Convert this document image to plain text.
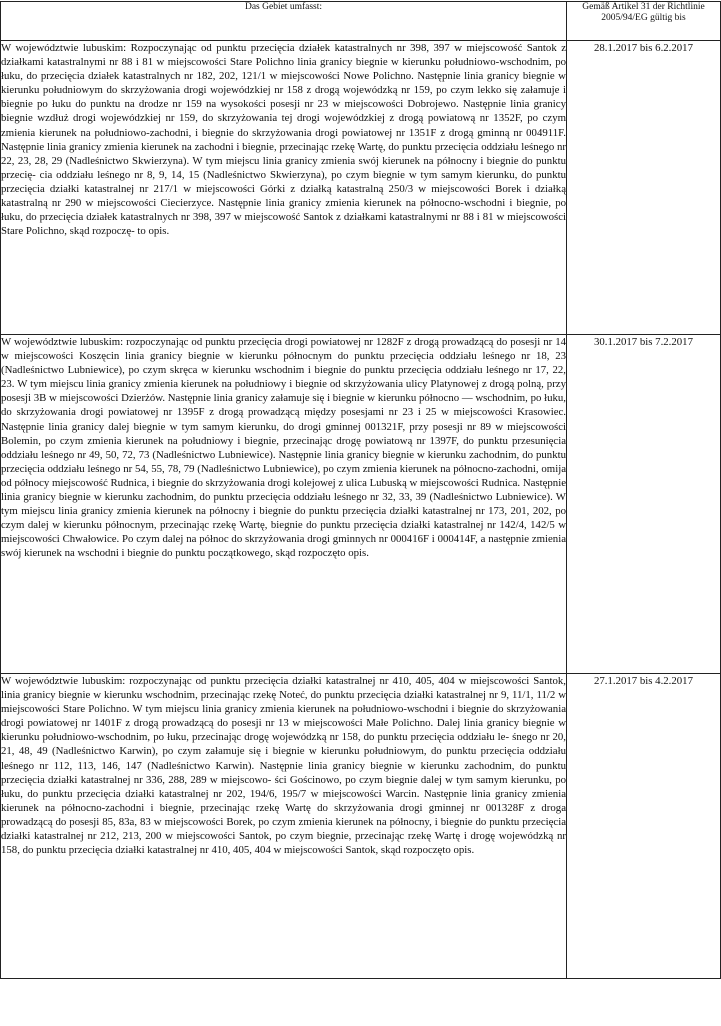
Das Gebiet umfasst:	Gemäß Artikel 31 der Richtlinie 2005/94/EG gültig bis

W województwie lubuskim: Rozpoczynając od punktu przecięcia działek katastralnych nr 398, 397 w miejscowość Santok z działkami katastralnymi nr 88 i 81 w miejscowości Stare Polichno linia granicy biegnie w kierunku południowo-wschodnim, po łuku, do przecięcia działek katastralnych nr 182, 202, 121/1 w miejscowości Nowe Polichno. Następnie linia granicy biegnie w kierunku południowym do skrzyżowania drogi wojewódzkiej nr 158 z drogą wojewódzką nr 159, po czym lekko się załamuje i biegnie po łuku do punktu na drodze nr 159 na wysokości posesji nr 23 w miejscowości Dobrojewo. Następnie linia granicy biegnie wzdłuż drogi wojewódzkiej nr 159, do skrzyżowania tej drogi wojewódzkiej z drogą powiatową nr 1352F, po czym zmienia kierunek na południowo-zachodni, i biegnie do skrzyżowania drogi powiatowej nr 1351F z drogą gminną nr 004911F. Następnie linia granicy zmienia kierunek na zachodni i biegnie, przecinając rzekę Wartę, do punktu przecięcia oddziału leśnego nr 22, 23, 28, 29 (Nadleśnictwo Skwierzyna). W tym miejscu linia granicy zmienia swój kierunek na północny i biegnie do punktu przecię- cia oddziału leśnego nr 8, 9, 14, 15 (Nadleśnictwo Skwierzyna), po czym biegnie w tym samym kierunku, do punktu przecięcia działki katastralnej nr 217/1 w miejscowości Górki z działką katastralną 250/3 w miejscowości Borek i działką katastralną nr 290 w miejscowości Ciecierzyce. Następnie linia granicy zmienia kierunek na północno-wschodni i biegnie, po łuku, do przecięcia działek katastralnych nr 398, 397 w miejscowość Santok z działkami katastralnymi nr 88 i 81 w miejscowości Stare Polichno, skąd rozpoczę- to opis.	28.1.2017 bis 6.2.2017

W województwie lubuskim: rozpoczynając od punktu przecięcia drogi powiatowej nr 1282F z drogą prowadzącą do posesji nr 14 w miejscowości Koszęcin linia granicy biegnie w kierunku północnym do punktu przecięcia oddziału leśnego nr 18, 23 (Nadleśnictwo Lubniewice), po czym skręca w kierunku wschodnim i biegnie do punktu przecięcia oddziału leśnego nr 17, 22, 23. W tym miejscu linia granicy zmienia kierunek na południowy i biegnie od skrzyżowania ulicy Platynowej z drogą polną, przy posesji 3B w miejscowości Dzierżów. Następnie linia granicy załamuje się i biegnie w kierunku północno — wschodnim, po łuku, do skrzyżowania drogi powiatowej nr 1395F z drogą prowadzącą między posesjami nr 23 i 25 w miejscowości Krasowiec. Następnie linia granicy dalej biegnie w tym samym kierunku, do drogi gminnej 001321F, przy posesji nr 89 w miejscowości Bolemin, po czym zmienia kierunek na południowy i biegnie, przecinając drogę powiatową nr 1397F, do punktu przesunięcia oddziału leśnego nr 49, 50, 72, 73 (Nadleśnictwo Lubniewice). Następnie linia granicy biegnie w kierunku zachodnim, do punktu przecięcia oddziału leśnego nr 54, 55, 78, 79 (Nadleśnictwo Lubniewice), po czym zmienia kierunek na północno-zachodni, omija od północy miejscowość Rudnica, i biegnie do skrzyżowania drogi kolejowej z ulica Lubuską w miejscowości Rudnica. Następnie linia granicy biegnie w kierunku zachodnim, do punktu przecięcia oddziału leśnego nr 32, 33, 39 (Nadleśnictwo Lubniewice). W tym miejscu linia granicy zmienia kierunek na północny i biegnie do punktu przecięcia działki katastralnej nr 173, 201, 202, po czym dalej w kierunku północnym, przecinając rzekę Wartę, biegnie do punktu przecięcia działki katastralnej nr 142/4, 142/5 w miejscowości Chwałowice. Po czym dalej na północ do skrzyżowania drogi gminnych nr 000416F i 000414F, a następnie zmienia swój kierunek na wschodni i biegnie do punktu początkowego, skąd rozpoczęto opis.	30.1.2017 bis 7.2.2017

W województwie lubuskim: rozpoczynając od punktu przecięcia działki katastralnej nr 410, 405, 404 w miejscowości Santok, linia granicy biegnie w kierunku wschodnim, przecinając rzekę Noteć, do punktu przecięcia działki katastralnej nr 9, 11/1, 11/2 w miejscowości Stare Polichno. W tym miejscu linia granicy zmienia kierunek na południowo-wschodni i biegnie do skrzyżowania drogi powiatowej nr 1401F z drogą prowadzącą do posesji nr 13 w miejscowości Małe Polichno. Dalej linia granicy biegnie w kierunku południowo-wschodnim, po łuku, przecinając drogę wojewódzką nr 158, do punktu przecięcia oddziału le- śnego nr 20, 21, 48, 49 (Nadleśnictwo Karwin), po czym załamuje się i biegnie w kierunku południowym, do punktu przecięcia oddziału leśnego nr 112, 113, 146, 147 (Nadleśnictwo Karwin). Następnie linia granicy biegnie w kierunku zachodnim, do punktu przecięcia działki katastralnej nr 336, 288, 289 w miejscowo- ści Gościnowo, po czym biegnie dalej w tym samym kierunku, po łuku, do punktu przecięcia działki katastralnej nr 202, 194/6, 195/7 w miejscowości Warcin. Następnie linia granicy zmienia kierunek na północno-zachodni i biegnie, przecinając rzekę Wartę do skrzyżowania drogi gminnej nr 001328F z droga prowadzącą do posesji 85, 83a, 83 w miejscowości Borek, po czym zmienia kierunek na północny, i biegnie do punktu przecięcia działki katastralnej nr 212, 213, 200 w miejscowości Santok, po czym biegnie, przecinając rzekę Wartę i drogę wojewódzką nr 158, do punktu przecięcia działki katastralnej nr 410, 405, 404 w miejscowości Santok, skąd rozpoczęto opis.	27.1.2017 bis 4.2.2017
